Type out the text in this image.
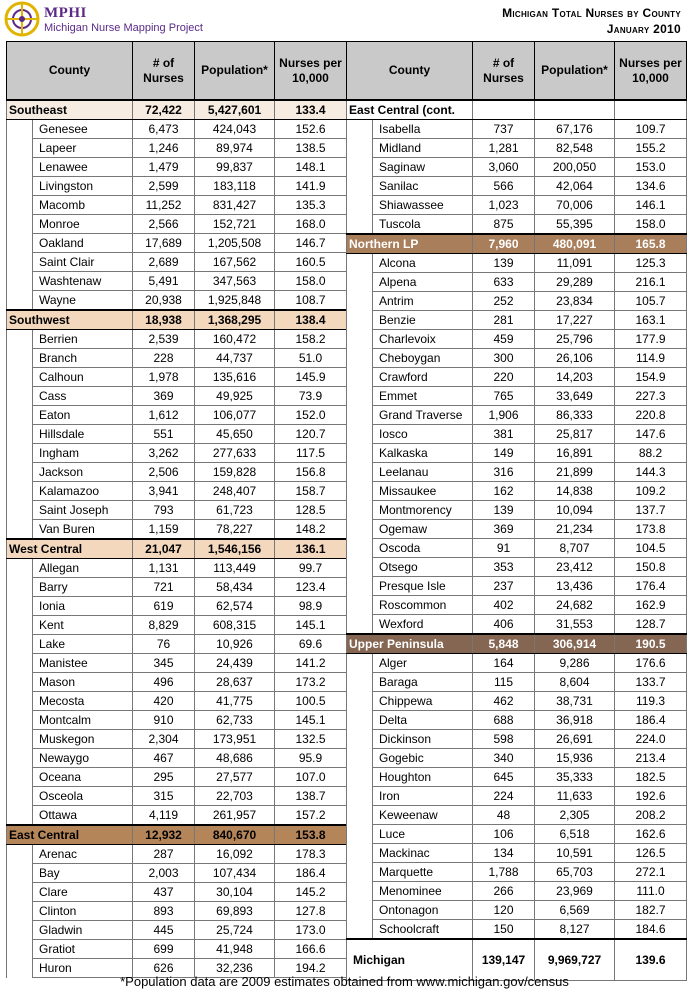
MPHI
Michigan Nurse Mapping Project
Michigan Total Nurses by County
January 2010
County		# of Nurses	Population*	Nurses per 10,000
Southeast		72,422	5,427,601	133.4
	Genesee	6,473	424,043	152.6
	Lapeer	1,246	89,974	138.5
	Lenawee	1,479	99,837	148.1
	Livingston	2,599	183,118	141.9
	Macomb	11,252	831,427	135.3
	Monroe	2,566	152,721	168.0
	Oakland	17,689	1,205,508	146.7
	Saint Clair	2,689	167,562	160.5
	Washtenaw	5,491	347,563	158.0
	Wayne	20,938	1,925,848	108.7
Southwest		18,938	1,368,295	138.4
	Berrien	2,539	160,472	158.2
	Branch	228	44,737	51.0
	Calhoun	1,978	135,616	145.9
	Cass	369	49,925	73.9
	Eaton	1,612	106,077	152.0
	Hillsdale	551	45,650	120.7
	Ingham	3,262	277,633	117.5
	Jackson	2,506	159,828	156.8
	Kalamazoo	3,941	248,407	158.7
	Saint Joseph	793	61,723	128.5
	Van Buren	1,159	78,227	148.2
West Central		21,047	1,546,156	136.1
	Allegan	1,131	113,449	99.7
	Barry	721	58,434	123.4
	Ionia	619	62,574	98.9
	Kent	8,829	608,315	145.1
	Lake	76	10,926	69.6
	Manistee	345	24,439	141.2
	Mason	496	28,637	173.2
	Mecosta	420	41,775	100.5
	Montcalm	910	62,733	145.1
	Muskegon	2,304	173,951	132.5
	Newaygo	467	48,686	95.9
	Oceana	295	27,577	107.0
	Osceola	315	22,703	138.7
	Ottawa	4,119	261,957	157.2
East Central		12,932	840,670	153.8
	Arenac	287	16,092	178.3
	Bay	2,003	107,434	186.4
	Clare	437	30,104	145.2
	Clinton	893	69,893	127.8
	Gladwin	445	25,724	173.0
	Gratiot	699	41,948	166.6
	Huron	626	32,236	194.2
County		# of Nurses	Population*	Nurses per 10,000
East Central (cont.				
	Isabella	737	67,176	109.7
	Midland	1,281	82,548	155.2
	Saginaw	3,060	200,050	153.0
	Sanilac	566	42,064	134.6
	Shiawassee	1,023	70,006	146.1
	Tuscola	875	55,395	158.0
Northern LP		7,960	480,091	165.8
	Alcona	139	11,091	125.3
	Alpena	633	29,289	216.1
	Antrim	252	23,834	105.7
	Benzie	281	17,227	163.1
	Charlevoix	459	25,796	177.9
	Cheboygan	300	26,106	114.9
	Crawford	220	14,203	154.9
	Emmet	765	33,649	227.3
	Grand Traverse	1,906	86,333	220.8
	Iosco	381	25,817	147.6
	Kalkaska	149	16,891	88.2
	Leelanau	316	21,899	144.3
	Missaukee	162	14,838	109.2
	Montmorency	139	10,094	137.7
	Ogemaw	369	21,234	173.8
	Oscoda	91	8,707	104.5
	Otsego	353	23,412	150.8
	Presque Isle	237	13,436	176.4
	Roscommon	402	24,682	162.9
	Wexford	406	31,553	128.7
Upper Peninsula		5,848	306,914	190.5
	Alger	164	9,286	176.6
	Baraga	115	8,604	133.7
	Chippewa	462	38,731	119.3
	Delta	688	36,918	186.4
	Dickinson	598	26,691	224.0
	Gogebic	340	15,936	213.4
	Houghton	645	35,333	182.5
	Iron	224	11,633	192.6
	Keweenaw	48	2,305	208.2
	Luce	106	6,518	162.6
	Mackinac	134	10,591	126.5
	Marquette	1,788	65,703	272.1
	Menominee	266	23,969	111.0
	Ontonagon	120	6,569	182.7
	Schoolcraft	150	8,127	184.6
Michigan		139,147	9,969,727	139.6
*Population data are 2009 estimates obtained from www.michigan.gov/census
